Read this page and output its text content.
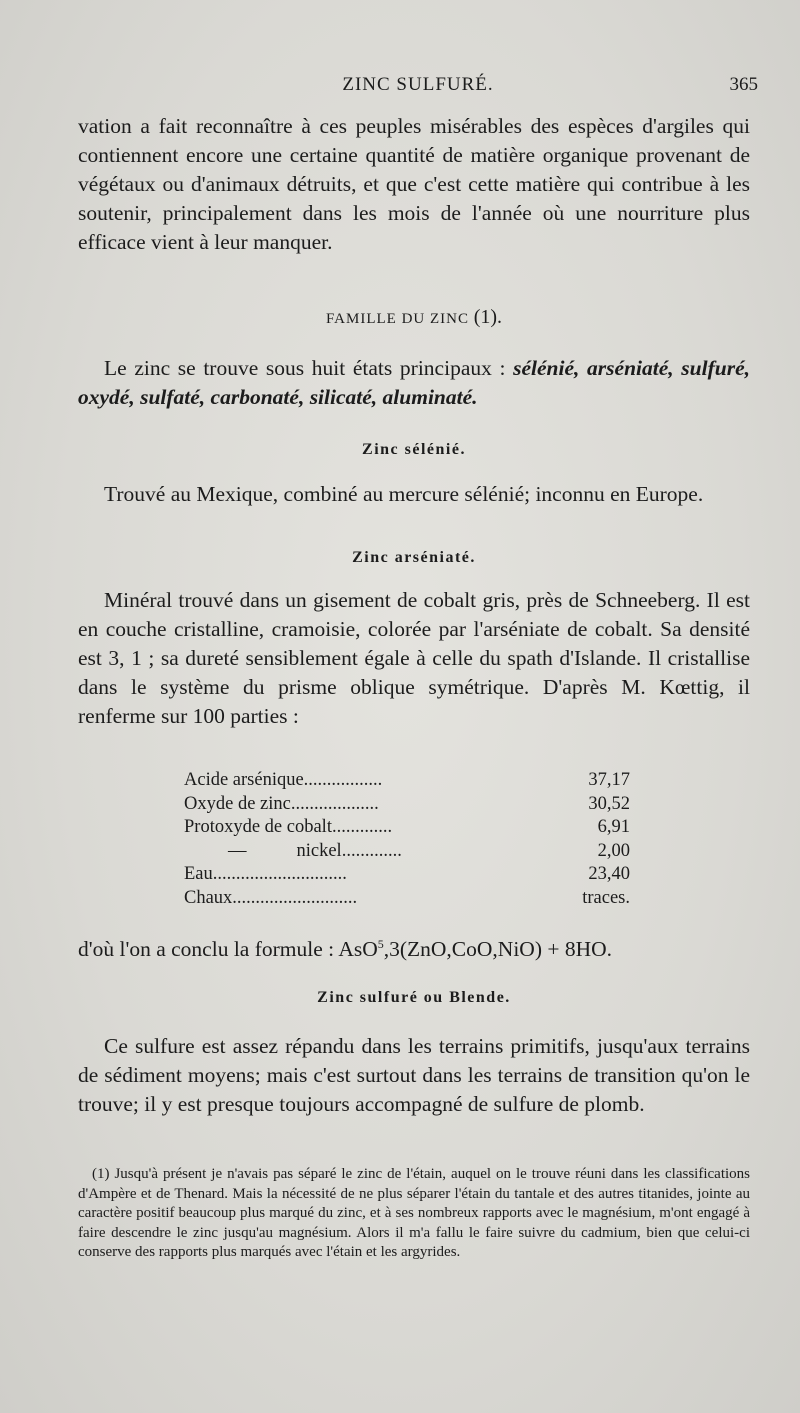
ZINC SULFURÉ.	365

vation a fait reconnaître à ces peuples misérables des espèces d'argiles qui contiennent encore une certaine quantité de matière organique provenant de végétaux ou d'animaux détruits, et que c'est cette matière qui contribue à les soutenir, principalement dans les mois de l'année où une nourriture plus efficace vient à leur manquer.

FAMILLE DU ZINC (1).
Le zinc se trouve sous huit états principaux : sélénié, arséniaté, sulfuré, oxydé, sulfaté, carbonaté, silicaté, aluminaté.
Zinc sélénié.
Trouvé au Mexique, combiné au mercure sélénié; inconnu en Europe.
Zinc arséniaté.
Minéral trouvé dans un gisement de cobalt gris, près de Schneeberg. Il est en couche cristalline, cramoisie, colorée par l'arséniate de cobalt. Sa densité est 3, 1 ; sa dureté sensiblement égale à celle du spath d'Islande. Il cristallise dans le système du prisme oblique symétrique. D'après M. Kœttig, il renferme sur 100 parties :
Acide arsénique.................	37,17
Oxyde de zinc...................	30,52
Protoxyde de cobalt.............	6,91
—	nickel.............	2,00
Eau.............................	23,40
Chaux...........................	traces.
d'où l'on a conclu la formule : AsO$^5$,3(ZnO,CoO,NiO) + 8HO.
Zinc sulfuré ou Blende.
Ce sulfure est assez répandu dans les terrains primitifs, jusqu'aux terrains de sédiment moyens; mais c'est surtout dans les terrains de transition qu'on le trouve; il y est presque toujours accompagné de sulfure de plomb.
(1) Jusqu'à présent je n'avais pas séparé le zinc de l'étain, auquel on le trouve réuni dans les classifications d'Ampère et de Thenard. Mais la nécessité de ne plus séparer l'étain du tantale et des autres titanides, jointe au caractère positif beaucoup plus marqué du zinc, et à ses nombreux rapports avec le magnésium, m'ont engagé à faire descendre le zinc jusqu'au magnésium. Alors il m'a fallu le faire suivre du cadmium, bien que celui-ci conserve des rapports plus marqués avec l'étain et les argyrides.
